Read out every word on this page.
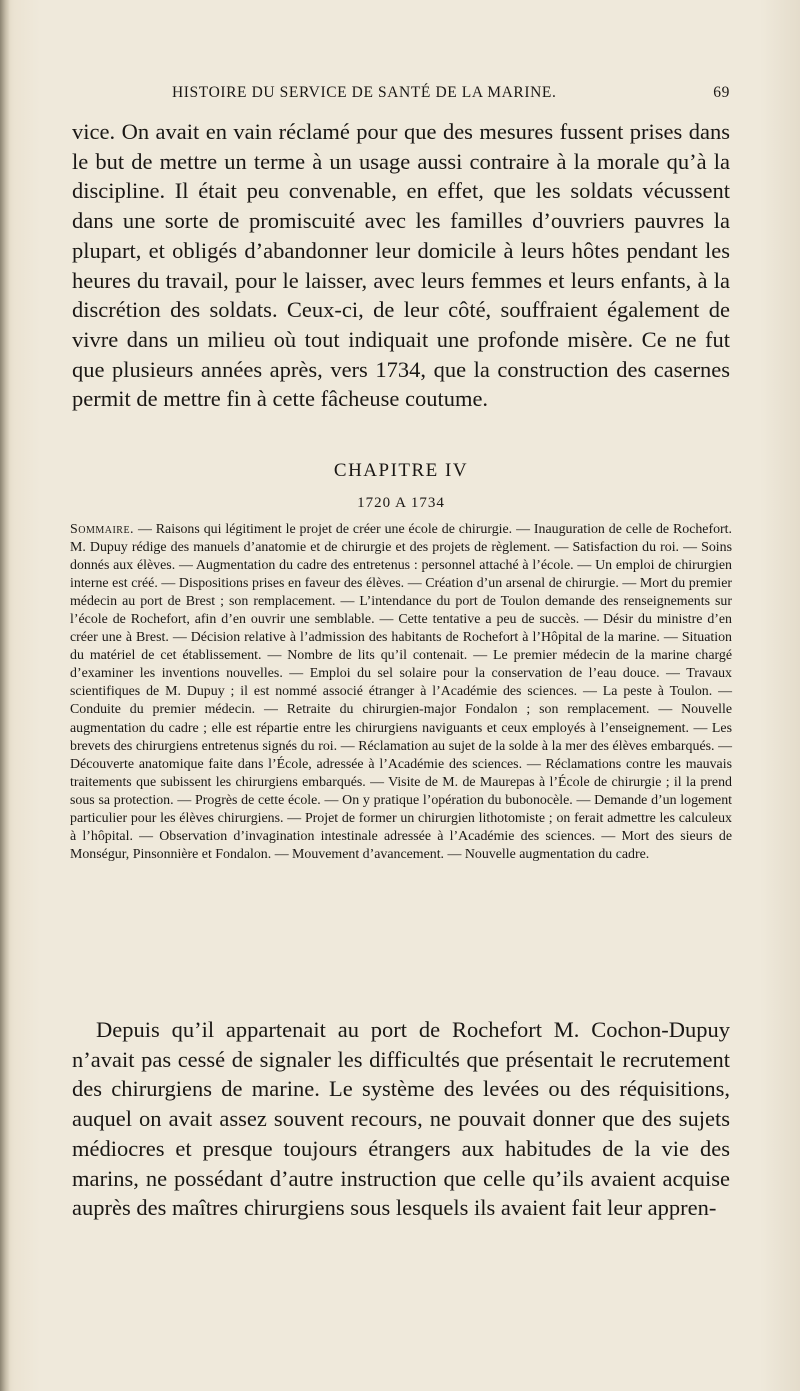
HISTOIRE DU SERVICE DE SANTÉ DE LA MARINE.	69

vice. On avait en vain réclamé pour que des mesures fussent prises dans le but de mettre un terme à un usage aussi contraire à la morale qu’à la discipline. Il était peu convenable, en effet, que les soldats vécussent dans une sorte de promiscuité avec les familles d’ouvriers pauvres la plupart, et obligés d’abandonner leur domicile à leurs hôtes pendant les heures du travail, pour le laisser, avec leurs femmes et leurs enfants, à la discrétion des soldats. Ceux-ci, de leur côté, souffraient également de vivre dans un milieu où tout indiquait une profonde misère. Ce ne fut que plusieurs années après, vers 1734, que la construction des casernes permit de mettre fin à cette fâcheuse coutume.

CHAPITRE IV
1720 A 1734

Sommaire. — Raisons qui légitiment le projet de créer une école de chirurgie. — Inauguration de celle de Rochefort. M. Dupuy rédige des manuels d’anatomie et de chirurgie et des projets de règlement. — Satisfaction du roi. — Soins donnés aux élèves. — Augmentation du cadre des entretenus : personnel attaché à l’école. — Un emploi de chirurgien interne est créé. — Dispositions prises en faveur des élèves. — Création d’un arsenal de chirurgie. — Mort du premier médecin au port de Brest ; son remplacement. — L’intendance du port de Toulon demande des renseignements sur l’école de Rochefort, afin d’en ouvrir une semblable. — Cette tentative a peu de succès. — Désir du ministre d’en créer une à Brest. — Décision relative à l’admission des habitants de Rochefort à l’Hôpital de la marine. — Situation du matériel de cet établissement. — Nombre de lits qu’il contenait. — Le premier médecin de la marine chargé d’examiner les inventions nouvelles. — Emploi du sel solaire pour la conservation de l’eau douce. — Travaux scientifiques de M. Dupuy ; il est nommé associé étranger à l’Académie des sciences. — La peste à Toulon. — Conduite du premier médecin. — Retraite du chirurgien-major Fondalon ; son remplacement. — Nouvelle augmentation du cadre ; elle est répartie entre les chirurgiens naviguants et ceux employés à l’enseignement. — Les brevets des chirurgiens entretenus signés du roi. — Réclamation au sujet de la solde à la mer des élèves embarqués. — Découverte anatomique faite dans l’École, adressée à l’Académie des sciences. — Réclamations contre les mauvais traitements que subissent les chirurgiens embarqués. — Visite de M. de Maurepas à l’École de chirurgie ; il la prend sous sa protection. — Progrès de cette école. — On y pratique l’opération du bubonocèle. — Demande d’un logement particulier pour les élèves chirurgiens. — Projet de former un chirurgien lithotomiste ; on ferait admettre les calculeux à l’hôpital. — Observation d’invagination intestinale adressée à l’Académie des sciences. — Mort des sieurs de Monségur, Pinsonnière et Fondalon. — Mouvement d’avancement. — Nouvelle augmentation du cadre.

Depuis qu’il appartenait au port de Rochefort M. Cochon-Dupuy n’avait pas cessé de signaler les difficultés que présentait le recrutement des chirurgiens de marine. Le système des levées ou des réquisitions, auquel on avait assez souvent recours, ne pouvait donner que des sujets médiocres et presque toujours étrangers aux habitudes de la vie des marins, ne possédant d’autre instruction que celle qu’ils avaient acquise auprès des maîtres chirurgiens sous lesquels ils avaient fait leur appren-
